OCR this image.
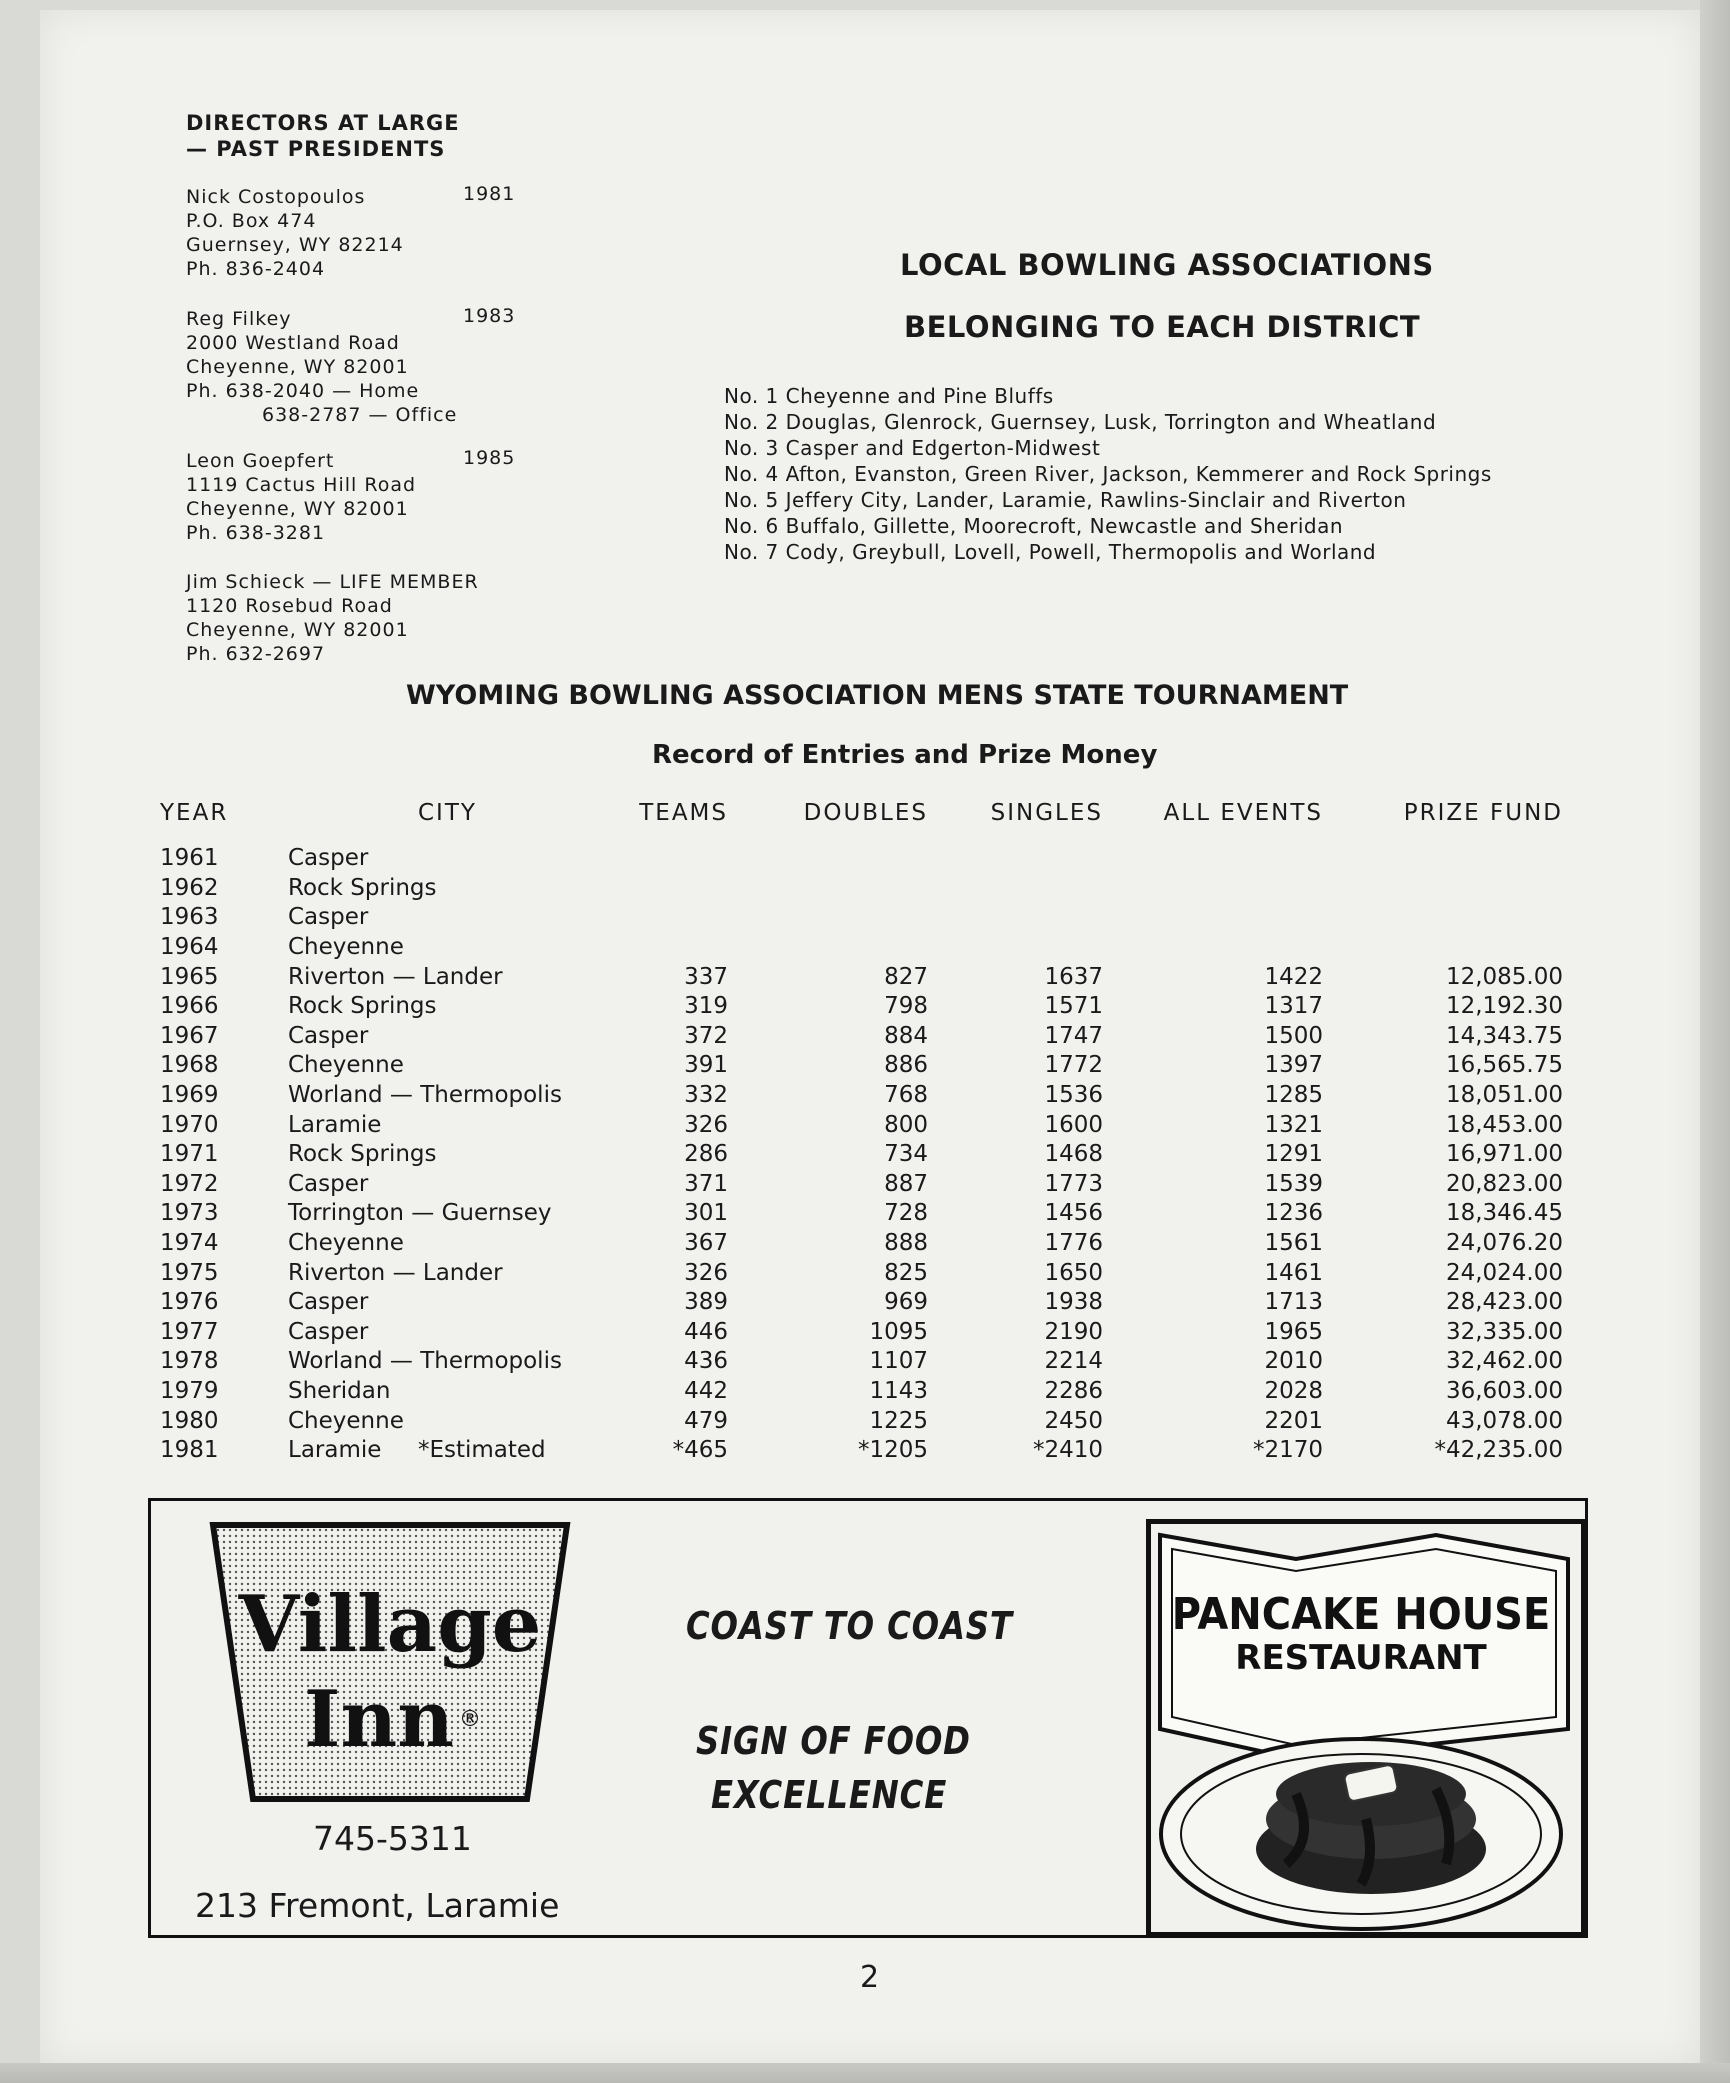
DIRECTORS AT LARGE
— PAST PRESIDENTS
Nick Costopoulos
P.O. Box 474
Guernsey, WY 82214
Ph. 836-2404
1981
Reg Filkey
2000 Westland Road
Cheyenne, WY 82001
Ph. 638-2040 — Home
638-2787 — Office
1983
Leon Goepfert
1119 Cactus Hill Road
Cheyenne, WY 82001
Ph. 638-3281
1985
Jim Schieck — LIFE MEMBER
1120 Rosebud Road
Cheyenne, WY 82001
Ph. 632-2697
LOCAL BOWLING ASSOCIATIONS
BELONGING TO EACH DISTRICT
No. 1 Cheyenne and Pine Bluffs
No. 2 Douglas, Glenrock, Guernsey, Lusk, Torrington and Wheatland
No. 3 Casper and Edgerton-Midwest
No. 4 Afton, Evanston, Green River, Jackson, Kemmerer and Rock Springs
No. 5 Jeffery City, Lander, Laramie, Rawlins-Sinclair and Riverton
No. 6 Buffalo, Gillette, Moorecroft, Newcastle and Sheridan
No. 7 Cody, Greybull, Lovell, Powell, Thermopolis and Worland
WYOMING BOWLING ASSOCIATION MENS STATE TOURNAMENT
Record of Entries and Prize Money
YEAR	CITY	TEAMS	DOUBLES	SINGLES	ALL EVENTS	PRIZE FUND
1961	Casper					
1962	Rock Springs					
1963	Casper					
1964	Cheyenne					
1965	Riverton — Lander	337	827	1637	1422	12,085.00
1966	Rock Springs	319	798	1571	1317	12,192.30
1967	Casper	372	884	1747	1500	14,343.75
1968	Cheyenne	391	886	1772	1397	16,565.75
1969	Worland — Thermopolis	332	768	1536	1285	18,051.00
1970	Laramie	326	800	1600	1321	18,453.00
1971	Rock Springs	286	734	1468	1291	16,971.00
1972	Casper	371	887	1773	1539	20,823.00
1973	Torrington — Guernsey	301	728	1456	1236	18,346.45
1974	Cheyenne	367	888	1776	1561	24,076.20
1975	Riverton — Lander	326	825	1650	1461	24,024.00
1976	Casper	389	969	1938	1713	28,423.00
1977	Casper	446	1095	2190	1965	32,335.00
1978	Worland — Thermopolis	436	1107	2214	2010	32,462.00
1979	Sheridan	442	1143	2286	2028	36,603.00
1980	Cheyenne	479	1225	2450	2201	43,078.00
1981	Laramie     *Estimated	*465	*1205	*2410	*2170	*42,235.00
Village
Inn ®
745-5311
213 Fremont, Laramie
COAST TO COAST
SIGN OF FOOD
EXCELLENCE
PANCAKE HOUSE
RESTAURANT
2
